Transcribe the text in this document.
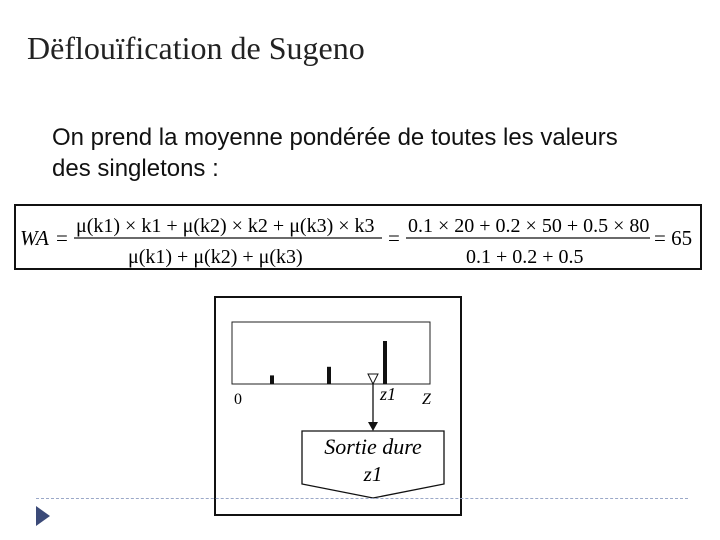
Dëflouïfication de Sugeno
On prend la moyenne pondérée de toutes les valeurs
des singletons :
WA = μ(k1) × k1 + μ(k2) × k2 + μ(k3) × k3
μ(k1) + μ(k2) + μ(k3)
= 0.1 × 20 + 0.2 × 50 + 0.5 × 80
0.1 + 0.2 + 0.5
= 65
0	z1 Z
Sortie dure
z1
